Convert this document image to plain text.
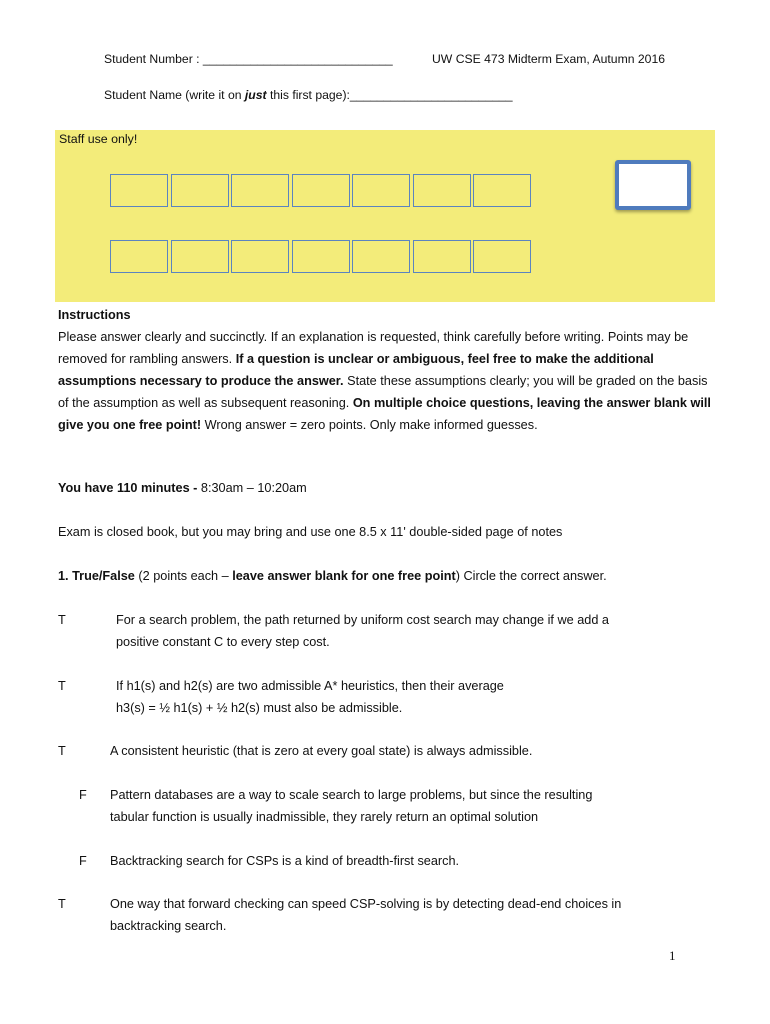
Student Number : ____________________________	UW CSE 473 Midterm Exam, Autumn 2016
Student Name (write it on just this first page):________________________
Staff use only!

Instructions

Please answer clearly and succinctly. If an explanation is requested, think carefully before writing. Points may be removed for rambling answers. If a question is unclear or ambiguous, feel free to make the additional assumptions necessary to produce the answer. State these assumptions clearly; you will be graded on the basis of the assumption as well as subsequent reasoning. On multiple choice questions, leaving the answer blank will give you one free point! Wrong answer = zero points. Only make informed guesses.

You have 110 minutes - 8:30am – 10:20am
Exam is closed book, but you may bring and use one 8.5 x 11' double-sided page of notes
1. True/False (2 points each – leave answer blank for one free point) Circle the correct answer.
T	For a search problem, the path returned by uniform cost search may change if we add a
positive constant C to every step cost.
T	If h1(s) and h2(s) are two admissible A* heuristics, then their average
h3(s) = ½ h1(s) + ½ h2(s) must also be admissible.
T	A consistent heuristic (that is zero at every goal state) is always admissible.
F Pattern databases are a way to scale search to large problems, but since the resulting
tabular function is usually inadmissible, they rarely return an optimal solution
F Backtracking search for CSPs is a kind of breadth-first search.
T	One way that forward checking can speed CSP-solving is by detecting dead-end choices in
backtracking search.
1
